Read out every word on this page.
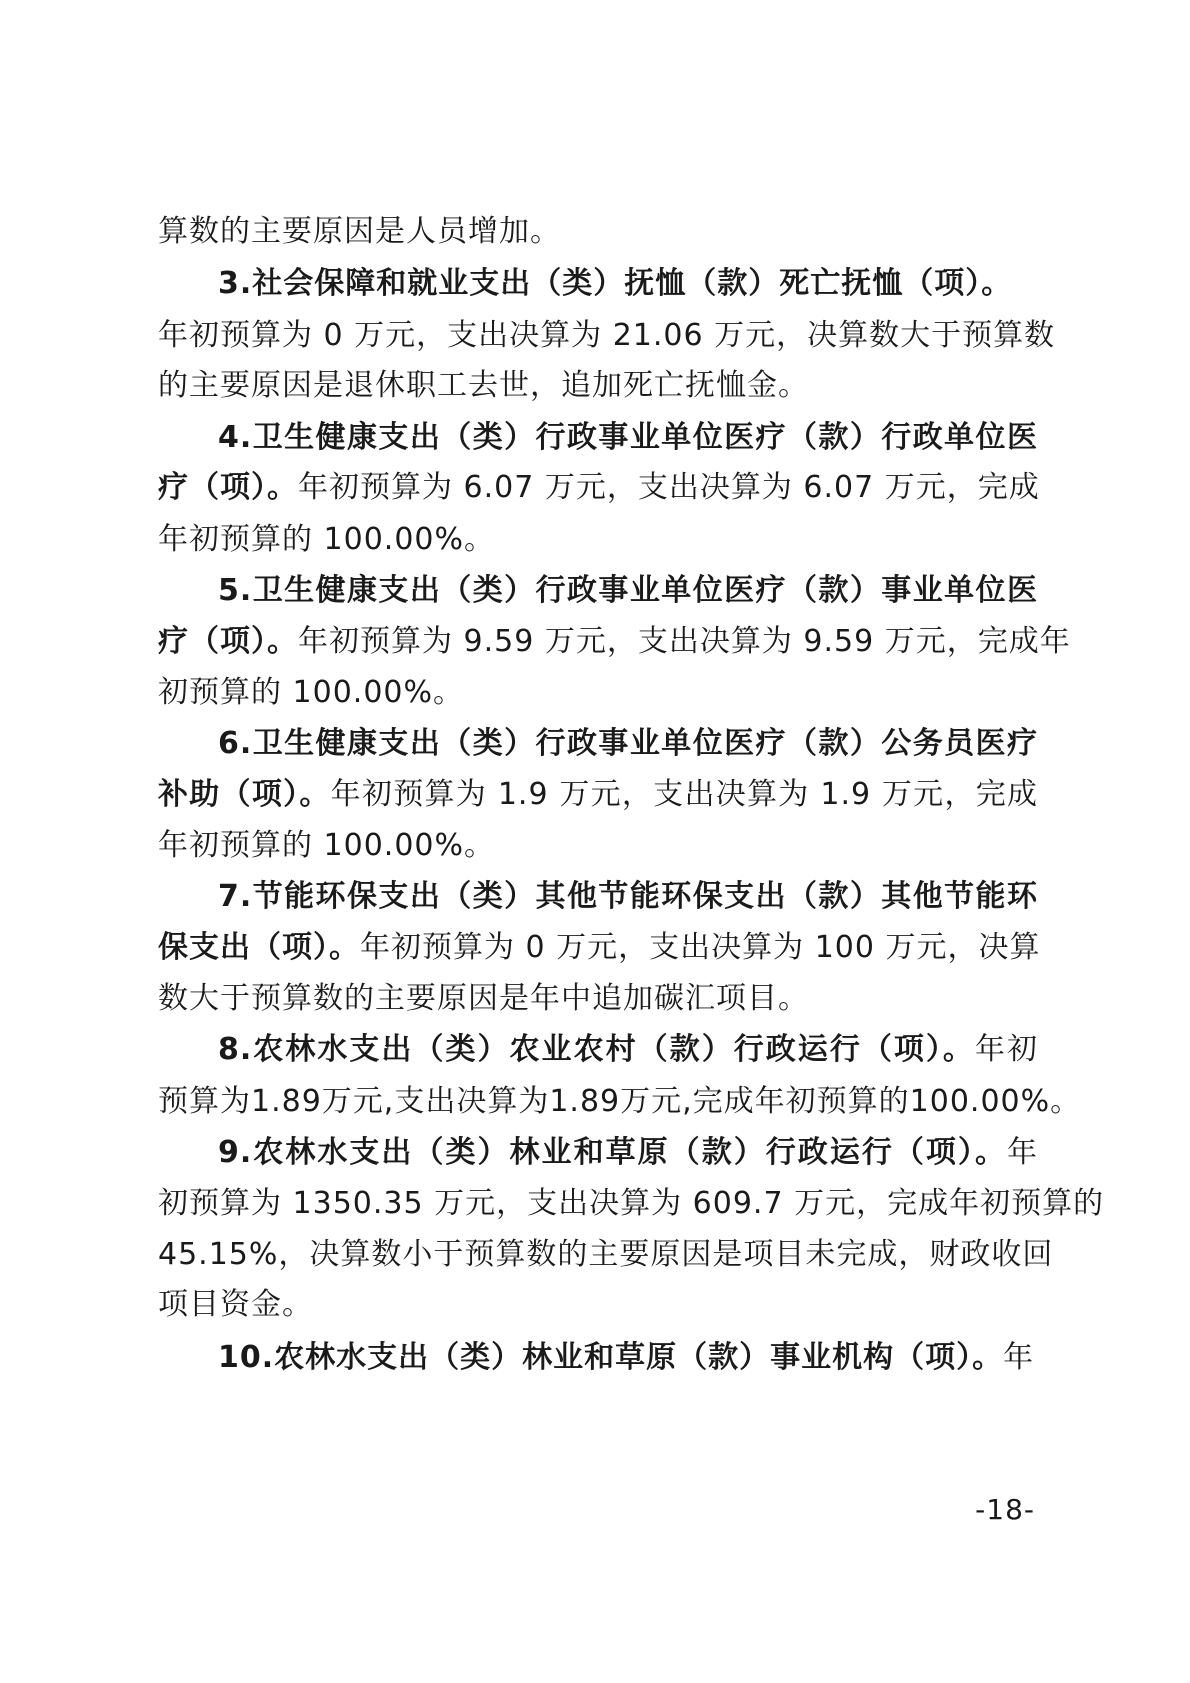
算数的主要原因是人员增加。
3.社会保障和就业支出（类）抚恤（款）死亡抚恤（项）。
年初预算为 0 万元，支出决算为 21.06 万元，决算数大于预算数
的主要原因是退休职工去世，追加死亡抚恤金。
4.卫生健康支出（类）行政事业单位医疗（款）行政单位医
疗（项）。年初预算为 6.07 万元，支出决算为 6.07 万元，完成
年初预算的 100.00%。
5.卫生健康支出（类）行政事业单位医疗（款）事业单位医
疗（项）。年初预算为 9.59 万元，支出决算为 9.59 万元，完成年
初预算的 100.00%。
6.卫生健康支出（类）行政事业单位医疗（款）公务员医疗
补助（项）。年初预算为 1.9 万元，支出决算为 1.9 万元，完成
年初预算的 100.00%。
7.节能环保支出（类）其他节能环保支出（款）其他节能环
保支出（项）。年初预算为 0 万元，支出决算为 100 万元，决算
数大于预算数的主要原因是年中追加碳汇项目。
8.农林水支出（类）农业农村（款）行政运行（项）。年初
预算为1.89万元,支出决算为1.89万元,完成年初预算的100.00%。
9.农林水支出（类）林业和草原（款）行政运行（项）。年
初预算为 1350.35 万元，支出决算为 609.7 万元，完成年初预算的
45.15%，决算数小于预算数的主要原因是项目未完成，财政收回
项目资金。
10.农林水支出（类）林业和草原（款）事业机构（项）。年
-18-
